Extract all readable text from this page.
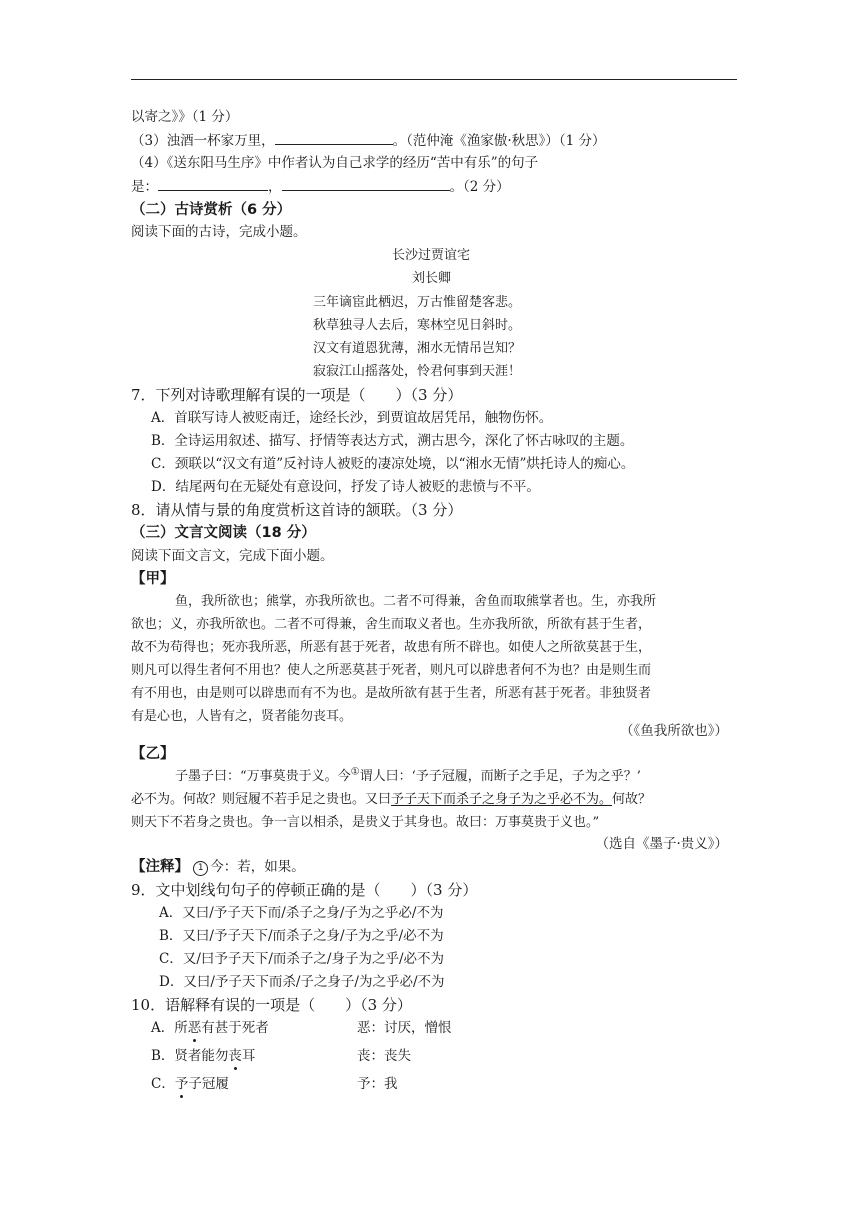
以寄之》》（1 分）
（3）浊酒一杯家万里，	。（范仲淹《渔家傲·秋思》）（1 分）
（4）《送东阳马生序》中作者认为自己求学的经历“苦中有乐”的句子
是：	，	。（2 分）
（二）古诗赏析（6 分）
阅读下面的古诗，完成小题。
长沙过贾谊宅
刘长卿
三年谪宦此栖迟，万古惟留楚客悲。
秋草独寻人去后，寒林空见日斜时。
汉文有道恩犹薄，湘水无情吊岂知？
寂寂江山摇落处，怜君何事到天涯！
7．下列对诗歌理解有误的一项是（　　）（3 分）
A．首联写诗人被贬南迁，途经长沙，到贾谊故居凭吊，触物伤怀。
B．全诗运用叙述、描写、抒情等表达方式，溯古思今，深化了怀古咏叹的主题。
C．颈联以“汉文有道”反衬诗人被贬的凄凉处境，以“湘水无情”烘托诗人的痴心。
D．结尾两句在无疑处有意设问，抒发了诗人被贬的悲愤与不平。
8．请从情与景的角度赏析这首诗的颔联。（3 分）
（三）文言文阅读（18 分）
阅读下面文言文，完成下面小题。
【甲】
鱼，我所欲也；熊掌，亦我所欲也。二者不可得兼，舍鱼而取熊掌者也。生，亦我所
欲也；义，亦我所欲也。二者不可得兼，舍生而取义者也。生亦我所欲，所欲有甚于生者，
故不为苟得也；死亦我所恶，所恶有甚于死者，故患有所不辟也。如使人之所欲莫甚于生，
则凡可以得生者何不用也？使人之所恶莫甚于死者，则凡可以辟患者何不为也？由是则生而
有不用也，由是则可以辟患而有不为也。是故所欲有甚于生者，所恶有甚于死者。非独贤者
有是心也，人皆有之，贤者能勿丧耳。
（《鱼我所欲也》）
【乙】
子墨子曰：“万事莫贵于义。今①谓人曰：‘予子冠履，而断子之手足，子为之乎？’
必不为。何故？则冠履不若手足之贵也。又曰予子天下而杀子之身子为之乎必不为。何故？
则天下不若身之贵也。争一言以相杀，是贵义于其身也。故曰：万事莫贵于义也。”
（选自《墨子·贵义》）
【注释】 1 今：若，如果。
9．文中划线句句子的停顿正确的是（　　）（3 分）
A．又曰/予子天下而/杀子之身/子为之乎必/不为
B．又曰/予子天下/而杀子之身/子为之乎/必不为
C．又/曰予子天下/而杀子之/身子为之乎/必不为
D．又曰/予子天下而杀/子之身子/为之乎必/不为
10．语解释有误的一项是（　　）（3 分）
A．所恶有甚于死者	恶：讨厌，憎恨
B．贤者能勿丧耳	丧：丧失
C．予子冠履	予：我
